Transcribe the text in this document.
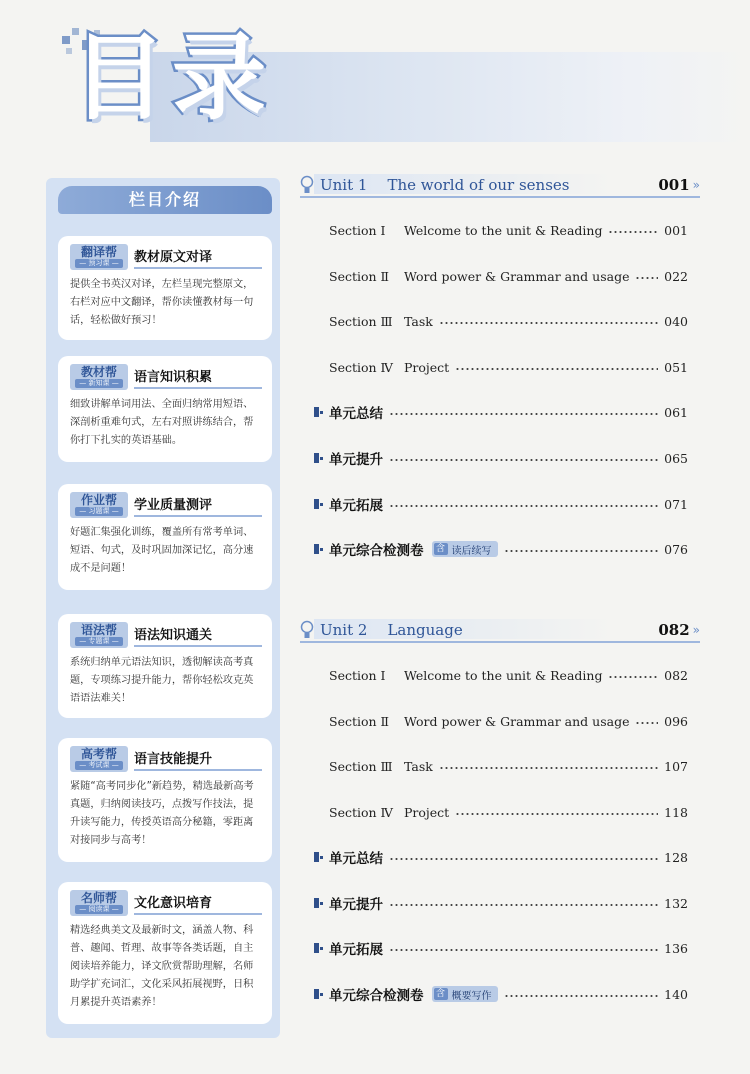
目 录
栏目介绍
翻译帮
— 预习课 —	教材原文对译
提供全书英汉对译，左栏呈现完整原文，右栏对应中文翻译，帮你读懂教材每一句话，轻松做好预习！
教材帮
— 新知课 —	语言知识积累
细致讲解单词用法、全面归纳常用短语、深剖析重难句式，左右对照讲练结合，帮你打下扎实的英语基础。
作业帮
— 习题课 —	学业质量测评
好题汇集强化训练，覆盖所有常考单词、短语、句式，及时巩固加深记忆，高分速成不是问题！
语法帮
— 专题课 —	语法知识通关
系统归纳单元语法知识，透彻解读高考真题，专项练习提升能力，帮你轻松攻克英语语法难关！
高考帮
— 考试课 —	语言技能提升
紧随“高考同步化”新趋势，精选最新高考真题，归纳阅读技巧，点拨写作技法，提升读写能力，传授英语高分秘籍，零距离对接同步与高考！
名师帮
— 阅读课 —	文化意识培育
精选经典美文及最新时文，涵盖人物、科普、趣闻、哲理、故事等各类话题，自主阅读培养能力，译文欣赏帮助理解，名师助学扩充词汇，文化采风拓展视野，日积月累提升英语素养！
Unit 1 The world of our senses	001 »
Section Ⅰ	Welcome to the unit & Reading	001
Section Ⅱ	Word power & Grammar and usage	022
Section Ⅲ Task	040
Section Ⅳ Project	051
单元总结	061
单元提升	065
单元拓展	071
单元综合检测卷 含 读后续写	076
Unit 2 Language	082 »
Section Ⅰ	Welcome to the unit & Reading	082
Section Ⅱ	Word power & Grammar and usage	096
Section Ⅲ Task	107
Section Ⅳ Project	118
单元总结	128
单元提升	132
单元拓展	136
单元综合检测卷 含 概要写作	140
